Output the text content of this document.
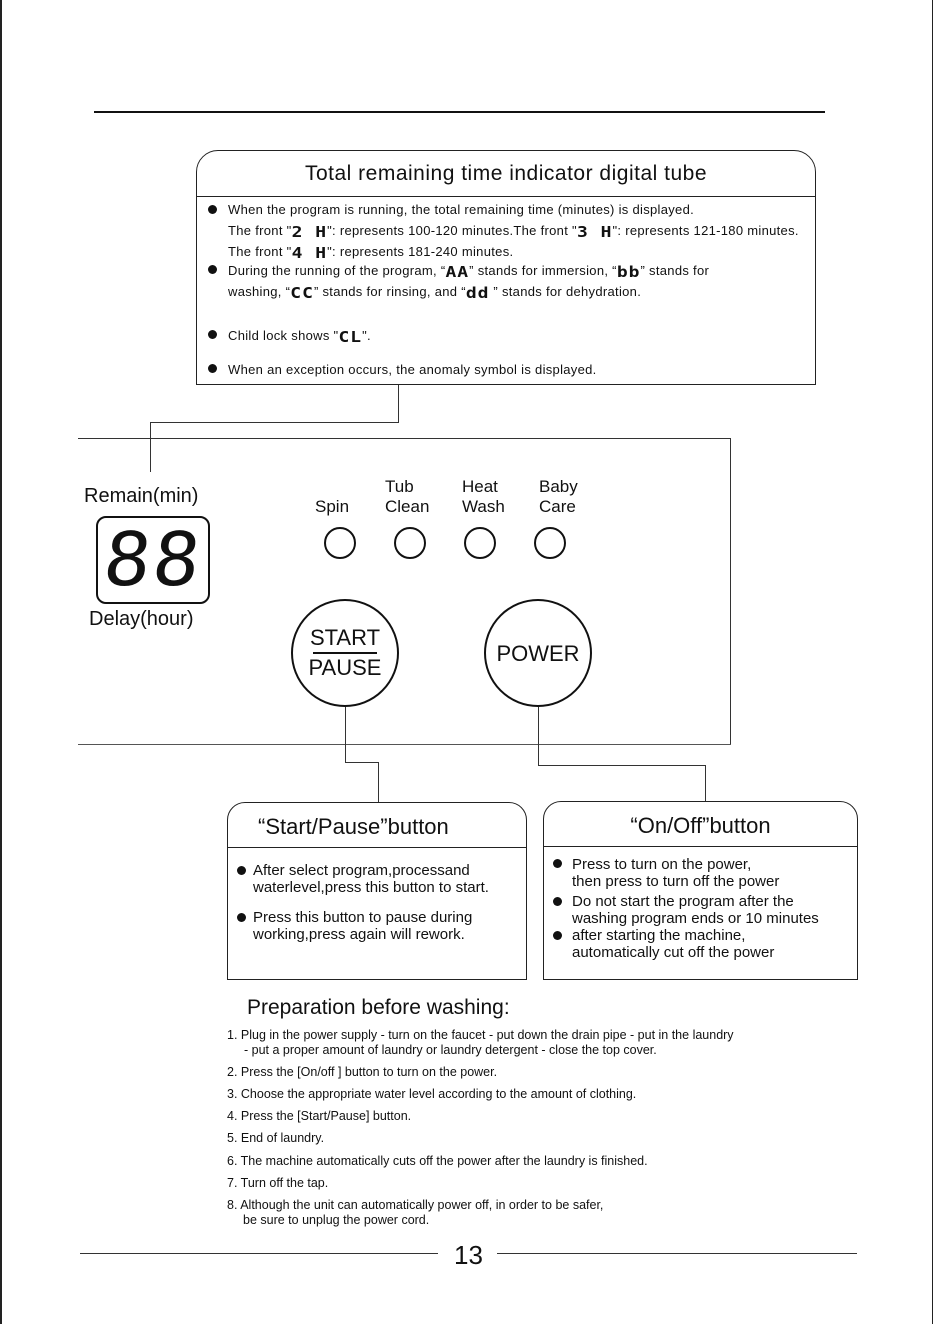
Total remaining time indicator digital tube
When the program is running, the total remaining time (minutes) is displayed.
The front "2 H": represents 100-120 minutes.The front "3 H": represents 121-180 minutes.
The front "4 H": represents 181-240 minutes.
During the running of the program, “AA” stands for immersion, “bb” stands for
washing, “CC” stands for rinsing, and “dd ” stands for dehydration.
Child lock shows "CL".
When an exception occurs, the anomaly symbol is displayed.
Remain(min)
88
Delay(hour)
Spin
Tub
Clean
Heat
Wash
Baby
Care
START
PAUSE
POWER
“Start/Pause”button
After select program,processand
waterlevel,press this button to start.
Press this button to pause during
working,press again will rework.
“On/Off”button
Press to turn on the power,
then press to turn off the power
Do not start the program after the
washing program ends or 10 minutes
after starting the machine,
automatically cut off the power
Preparation before washing:
1. Plug in the power supply - turn on the faucet - put down the drain pipe - put in the laundry
- put a proper amount of laundry or laundry detergent - close the top cover.
2. Press the [On/off ] button to turn on the power.
3. Choose the appropriate water level according to the amount of clothing.
4. Press the [Start/Pause] button.
5. End of laundry.
6. The machine automatically cuts off the power after the laundry is finished.
7. Turn off the tap.
8. Although the unit can automatically power off, in order to be safer,
be sure to unplug the power cord.
13
